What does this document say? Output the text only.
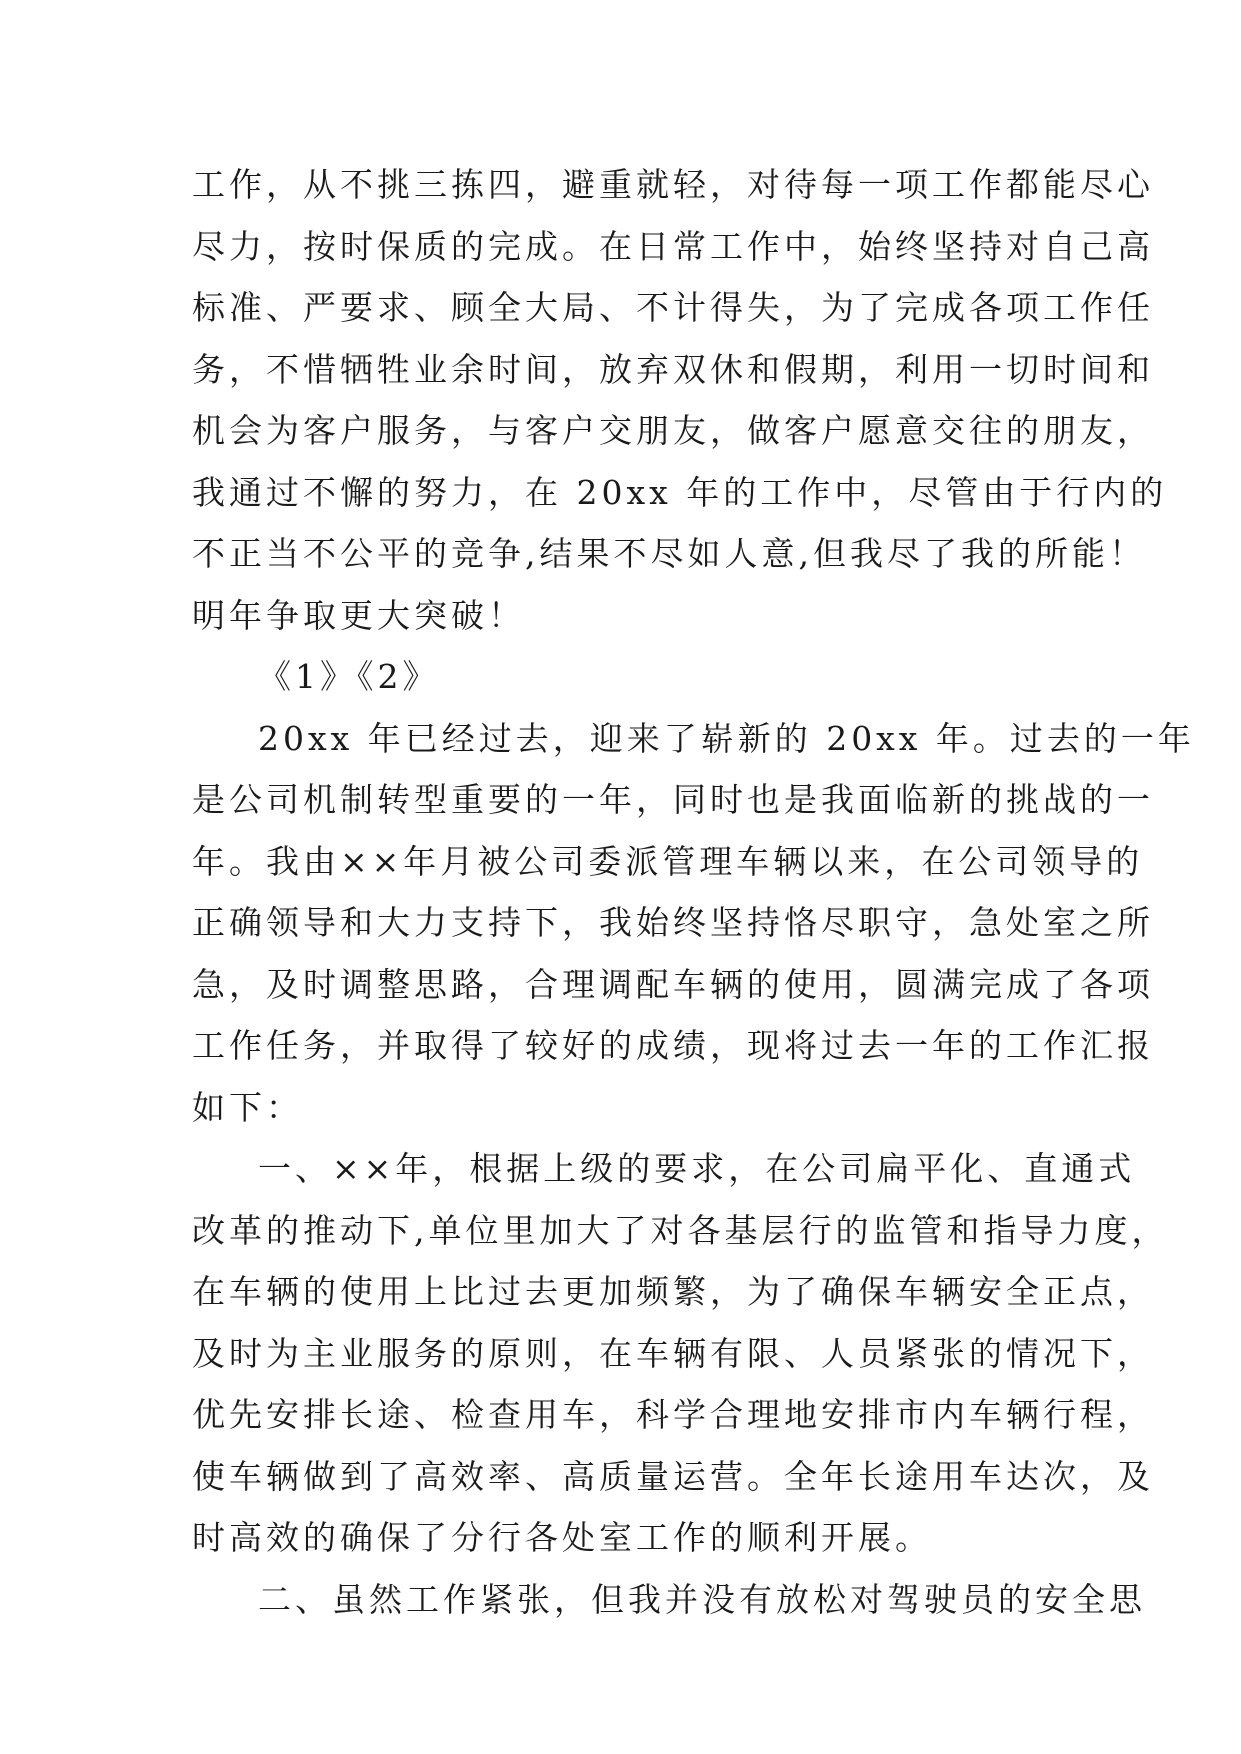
工作，从不挑三拣四，避重就轻，对待每一项工作都能尽心
尽力，按时保质的完成。在日常工作中，始终坚持对自己高
标准、严要求、顾全大局、不计得失，为了完成各项工作任
务，不惜牺牲业余时间，放弃双休和假期，利用一切时间和
机会为客户服务，与客户交朋友，做客户愿意交往的朋友，
我通过不懈的努力，在 20xx 年的工作中，尽管由于行内的
不正当不公平的竞争,结果不尽如人意,但我尽了我的所能！
明年争取更大突破！
《1》《2》
20xx 年已经过去，迎来了崭新的 20xx 年。过去的一年
是公司机制转型重要的一年，同时也是我面临新的挑战的一
年。我由××年月被公司委派管理车辆以来，在公司领导的
正确领导和大力支持下，我始终坚持恪尽职守，急处室之所
急，及时调整思路，合理调配车辆的使用，圆满完成了各项
工作任务，并取得了较好的成绩，现将过去一年的工作汇报
如下：
一、××年，根据上级的要求，在公司扁平化、直通式
改革的推动下,单位里加大了对各基层行的监管和指导力度，
在车辆的使用上比过去更加频繁，为了确保车辆安全正点，
及时为主业服务的原则，在车辆有限、人员紧张的情况下，
优先安排长途、检查用车，科学合理地安排市内车辆行程，
使车辆做到了高效率、高质量运营。全年长途用车达次，及
时高效的确保了分行各处室工作的顺利开展。
二、虽然工作紧张，但我并没有放松对驾驶员的安全思
